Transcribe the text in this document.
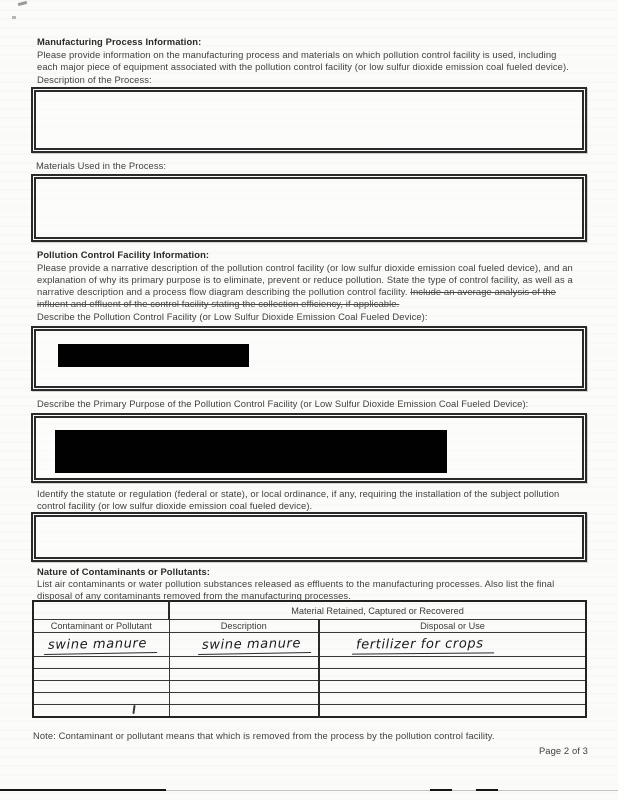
Manufacturing Process Information:
Please provide information on the manufacturing process and materials on which pollution control facility is used, including
each major piece of equipment associated with the pollution control facility (or low sulfur dioxide emission coal fueled device).
Description of the Process:
Materials Used in the Process:
Pollution Control Facility Information:
Please provide a narrative description of the pollution control facility (or low sulfur dioxide emission coal fueled device), and an
explanation of why its primary purpose is to eliminate, prevent or reduce pollution. State the type of control facility, as well as a
narrative description and a process flow diagram describing the pollution control facility. Include an average analysis of the
influent and effluent of the control facility stating the collection efficiency, if applicable.
Describe the Pollution Control Facility (or Low Sulfur Dioxide Emission Coal Fueled Device):
Describe the Primary Purpose of the Pollution Control Facility (or Low Sulfur Dioxide Emission Coal Fueled Device):
Identify the statute or regulation (federal or state), or local ordinance, if any, requiring the installation of the subject pollution
control facility (or low sulfur dioxide emission coal fueled device).
Nature of Contaminants or Pollutants:
List air contaminants or water pollution substances released as effluents to the manufacturing processes. Also list the final
disposal of any contaminants removed from the manufacturing processes.
	Material Retained, Captured or Recovered	
Contaminant or Pollutant	Description	Disposal or Use
swine manure	swine manure	fertilizer for crops

Note: Contaminant or pollutant means that which is removed from the process by the pollution control facility.
Page 2 of 3
